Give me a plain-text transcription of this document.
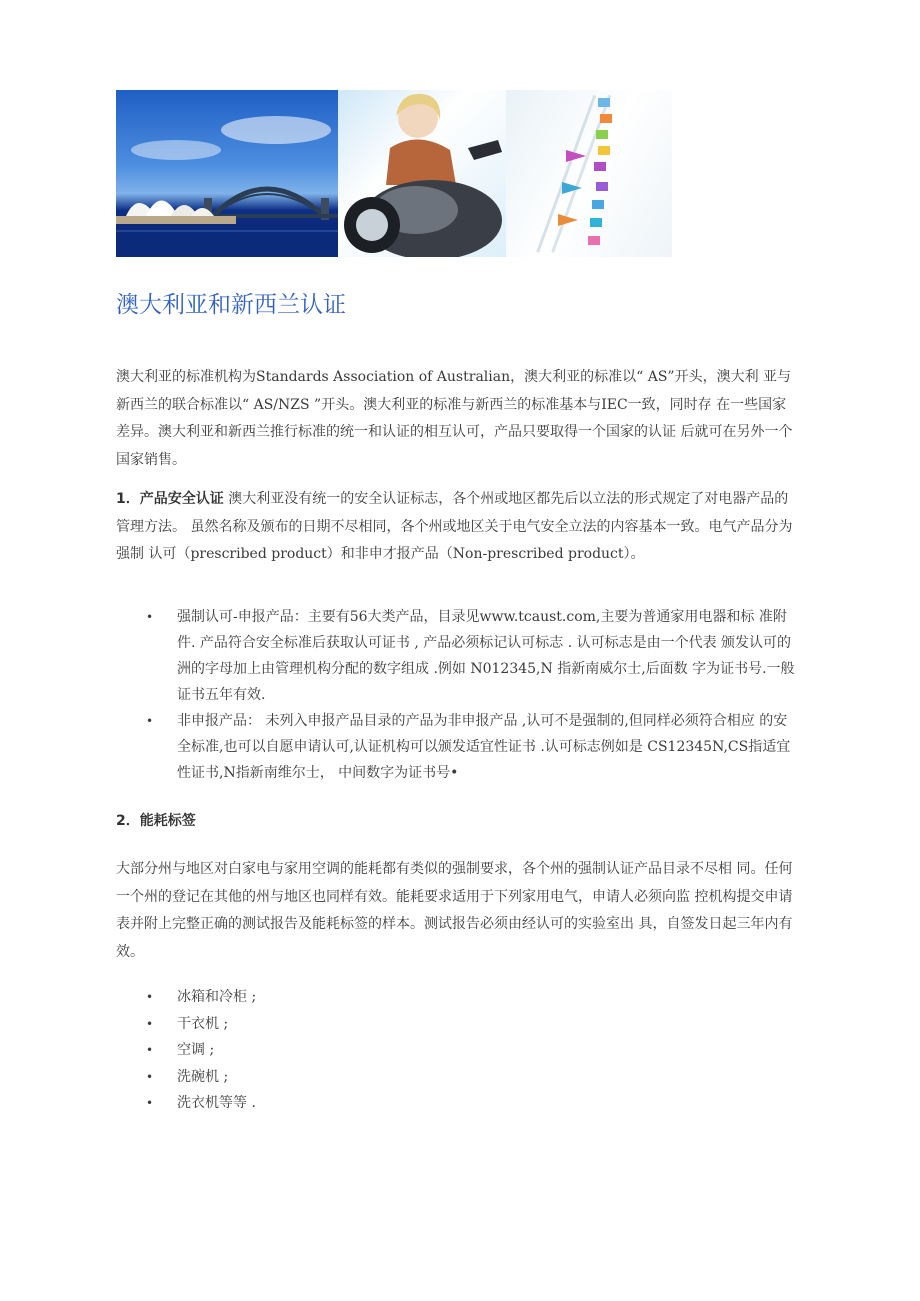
澳大利亚和新西兰认证

澳大利亚的标准机构为Standards Association of Australian，澳大利亚的标准以“ AS”开头，澳大利 亚与新西兰的联合标准以“ AS/NZS ”开头。澳大利亚的标准与新西兰的标准基本与IEC一致，同时存 在一些国家差异。澳大利亚和新西兰推行标准的统一和认证的相互认可，产品只要取得一个国家的认证 后就可在另外一个国家销售。

1．产品安全认证 澳大利亚没有统一的安全认证标志，各个州或地区都先后以立法的形式规定了对电器产品的管理方法。 虽然名称及颁布的日期不尽相同，各个州或地区关于电气安全立法的内容基本一致。电气产品分为强制 认可（prescribed product）和非申才报产品（Non-prescribed product）。

• 强制认可-申报产品：主要有56大类产品，目录见www.tcaust.com,主要为普通家用电器和标 准附件. 产品符合安全标准后获取认可证书 , 产品必须标记认可标志 . 认可标志是由一个代表 颁发认可的洲的字母加上由管理机构分配的数字组成 .例如 N012345,N 指新南威尔士,后面数 字为证书号.一般证书五年有效.
• 非申报产品： 未列入申报产品目录的产品为非申报产品 ,认可不是强制的,但同样必须符合相应 的安全标准,也可以自愿申请认可,认证机构可以颁发适宜性证书 .认可标志例如是 CS12345N,CS指适宜性证书,N指新南维尔士， 中间数字为证书号•
2．能耗标签

大部分州与地区对白家电与家用空调的能耗都有类似的强制要求，各个州的强制认证产品目录不尽相 同。任何一个州的登记在其他的州与地区也同样有效。能耗要求适用于下列家用电气，申请人必须向监 控机构提交申请表并附上完整正确的测试报告及能耗标签的样本。测试报告必须由经认可的实验室出 具，自签发日起三年内有效。

• 冰箱和冷柜 ;
• 干衣机 ;
• 空调 ;
• 洗碗机 ;
• 洗衣机等等 .
